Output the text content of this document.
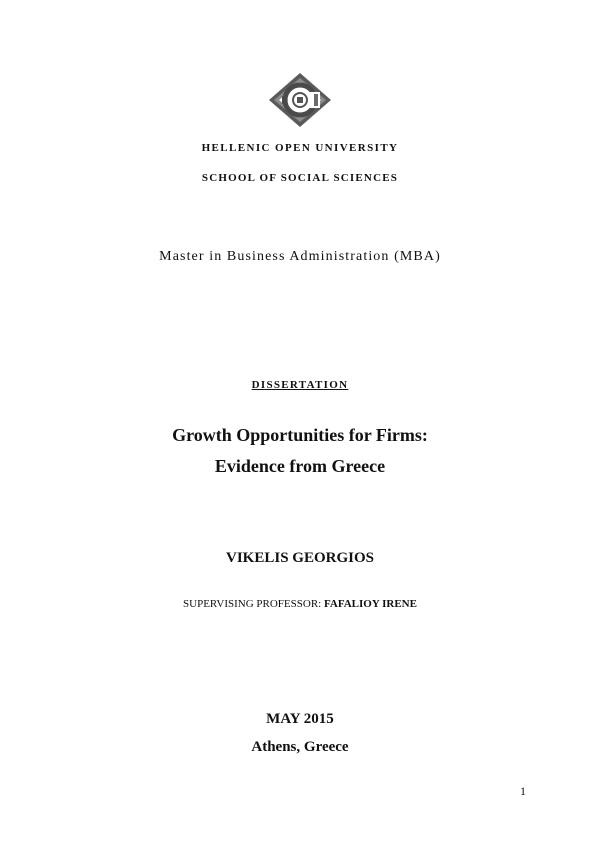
HELLENIC OPEN UNIVERSITY
SCHOOL OF SOCIAL SCIENCES
Master in Business Administration (MBA)
DISSERTATION
Growth Opportunities for Firms:
Evidence from Greece
VIKELIS GEORGIOS
SUPERVISING PROFESSOR: FAFALIOY IRENE
MAY 2015
Athens, Greece
1
